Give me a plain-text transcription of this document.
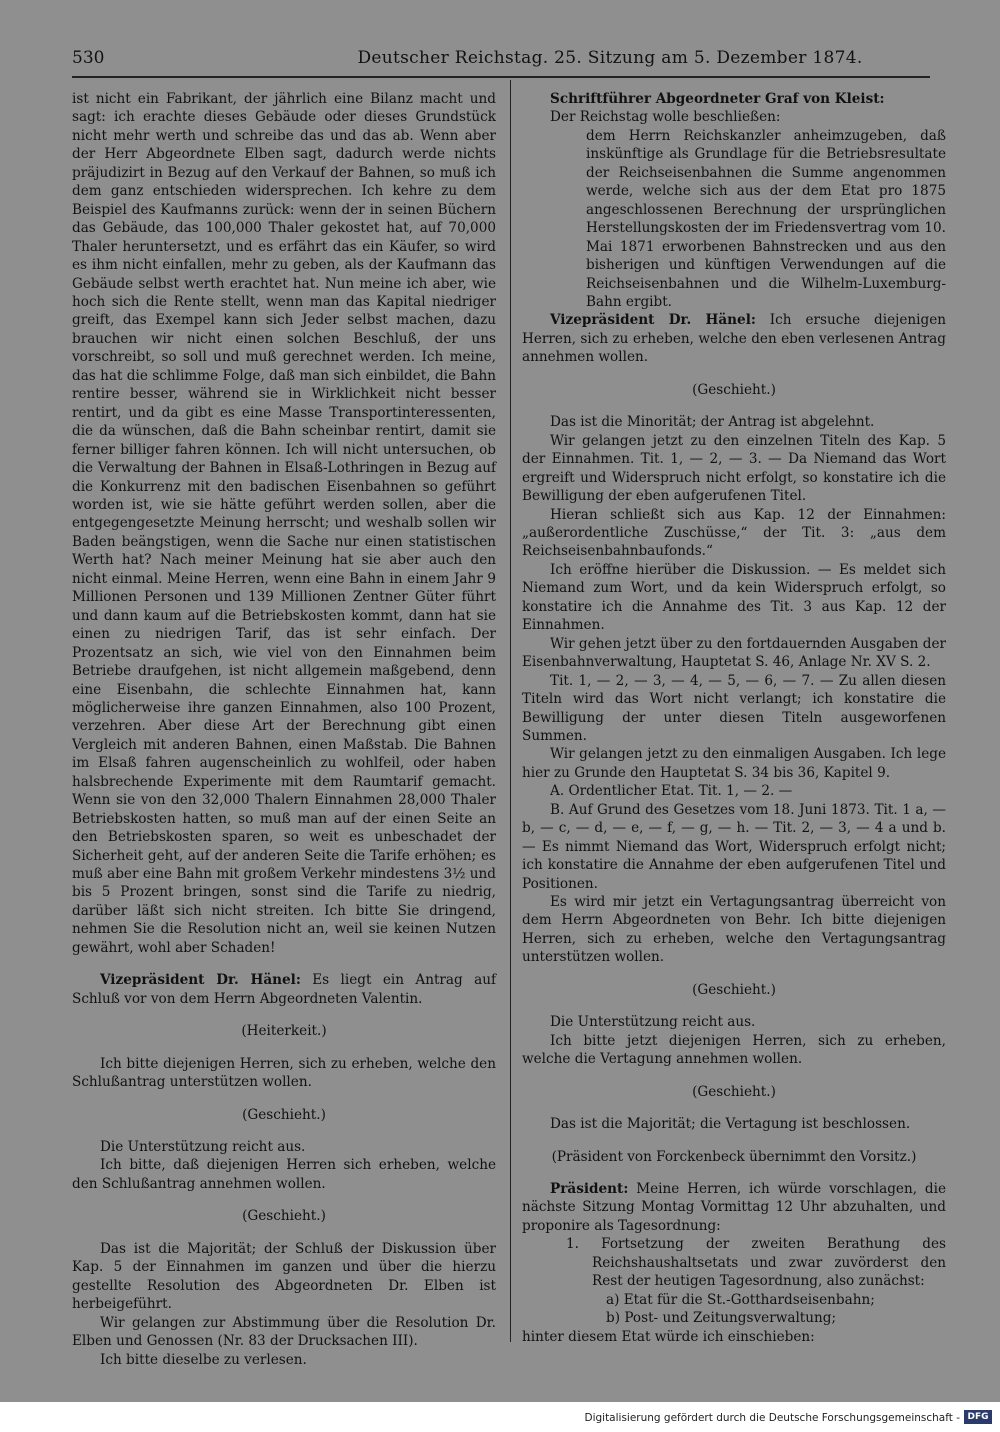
530	Deutscher Reichstag. 25. Sitzung am 5. Dezember 1874.

ist nicht ein Fabrikant, der jährlich eine Bilanz macht und sagt: ich erachte dieses Gebäude oder dieses Grundstück nicht mehr werth und schreibe das und das ab. Wenn aber der Herr Abgeordnete Elben sagt, dadurch werde nichts präjudizirt in Bezug auf den Verkauf der Bahnen, so muß ich dem ganz entschieden widersprechen. Ich kehre zu dem Beispiel des Kaufmanns zurück: wenn der in seinen Büchern das Gebäude, das 100,000 Thaler gekostet hat, auf 70,000 Thaler heruntersetzt, und es erfährt das ein Käufer, so wird es ihm nicht einfallen, mehr zu geben, als der Kaufmann das Gebäude selbst werth erachtet hat. Nun meine ich aber, wie hoch sich die Rente stellt, wenn man das Kapital niedriger greift, das Exempel kann sich Jeder selbst machen, dazu brauchen wir nicht einen solchen Beschluß, der uns vorschreibt, so soll und muß gerechnet werden. Ich meine, das hat die schlimme Folge, daß man sich einbildet, die Bahn rentire besser, während sie in Wirklichkeit nicht besser rentirt, und da gibt es eine Masse Transportinteressenten, die da wünschen, daß die Bahn scheinbar rentirt, damit sie ferner billiger fahren können. Ich will nicht untersuchen, ob die Verwaltung der Bahnen in Elsaß-Lothringen in Bezug auf die Konkurrenz mit den badischen Eisenbahnen so geführt worden ist, wie sie hätte geführt werden sollen, aber die entgegengesetzte Meinung herrscht; und weshalb sollen wir Baden beängstigen, wenn die Sache nur einen statistischen Werth hat? Nach meiner Meinung hat sie aber auch den nicht einmal. Meine Herren, wenn eine Bahn in einem Jahr 9 Millionen Personen und 139 Millionen Zentner Güter führt und dann kaum auf die Betriebskosten kommt, dann hat sie einen zu niedrigen Tarif, das ist sehr einfach. Der Prozentsatz an sich, wie viel von den Einnahmen beim Betriebe draufgehen, ist nicht allgemein maßgebend, denn eine Eisenbahn, die schlechte Einnahmen hat, kann möglicherweise ihre ganzen Einnahmen, also 100 Prozent, verzehren. Aber diese Art der Berechnung gibt einen Vergleich mit anderen Bahnen, einen Maßstab. Die Bahnen im Elsaß fahren augenscheinlich zu wohlfeil, oder haben halsbrechende Experimente mit dem Raumtarif gemacht. Wenn sie von den 32,000 Thalern Einnahmen 28,000 Thaler Betriebskosten hatten, so muß man auf der einen Seite an den Betriebskosten sparen, so weit es unbeschadet der Sicherheit geht, auf der anderen Seite die Tarife erhöhen; es muß aber eine Bahn mit großem Verkehr mindestens 3½ und bis 5 Prozent bringen, sonst sind die Tarife zu niedrig, darüber läßt sich nicht streiten. Ich bitte Sie dringend, nehmen Sie die Resolution nicht an, weil sie keinen Nutzen gewährt, wohl aber Schaden!

Vizepräsident Dr. Hänel: Es liegt ein Antrag auf Schluß vor von dem Herrn Abgeordneten Valentin.

(Heiterkeit.)

Ich bitte diejenigen Herren, sich zu erheben, welche den Schlußantrag unterstützen wollen.

(Geschieht.)

Die Unterstützung reicht aus.

Ich bitte, daß diejenigen Herren sich erheben, welche den Schlußantrag annehmen wollen.

(Geschieht.)

Das ist die Majorität; der Schluß der Diskussion über Kap. 5 der Einnahmen im ganzen und über die hierzu gestellte Resolution des Abgeordneten Dr. Elben ist herbeigeführt.

Wir gelangen zur Abstimmung über die Resolution Dr. Elben und Genossen (Nr. 83 der Drucksachen III).

Ich bitte dieselbe zu verlesen.

Schriftführer Abgeordneter Graf von Kleist:

Der Reichstag wolle beschließen:

dem Herrn Reichskanzler anheimzugeben, daß inskünftige als Grundlage für die Betriebsresultate der Reichseisenbahnen die Summe angenommen werde, welche sich aus der dem Etat pro 1875 angeschlossenen Berechnung der ursprünglichen Herstellungskosten der im Friedensvertrag vom 10. Mai 1871 erworbenen Bahnstrecken und aus den bisherigen und künftigen Verwendungen auf die Reichseisenbahnen und die Wilhelm-Luxemburg-Bahn ergibt.

Vizepräsident Dr. Hänel: Ich ersuche diejenigen Herren, sich zu erheben, welche den eben verlesenen Antrag annehmen wollen.

(Geschieht.)

Das ist die Minorität; der Antrag ist abgelehnt.

Wir gelangen jetzt zu den einzelnen Titeln des Kap. 5 der Einnahmen. Tit. 1, — 2, — 3. — Da Niemand das Wort ergreift und Widerspruch nicht erfolgt, so konstatire ich die Bewilligung der eben aufgerufenen Titel.

Hieran schließt sich aus Kap. 12 der Einnahmen: „außerordentliche Zuschüsse,“ der Tit. 3: „aus dem Reichseisenbahnbaufonds.“

Ich eröffne hierüber die Diskussion. — Es meldet sich Niemand zum Wort, und da kein Widerspruch erfolgt, so konstatire ich die Annahme des Tit. 3 aus Kap. 12 der Einnahmen.

Wir gehen jetzt über zu den fortdauernden Ausgaben der Eisenbahnverwaltung, Hauptetat S. 46, Anlage Nr. XV S. 2.

Tit. 1, — 2, — 3, — 4, — 5, — 6, — 7. — Zu allen diesen Titeln wird das Wort nicht verlangt; ich konstatire die Bewilligung der unter diesen Titeln ausgeworfenen Summen.

Wir gelangen jetzt zu den einmaligen Ausgaben. Ich lege hier zu Grunde den Hauptetat S. 34 bis 36, Kapitel 9.

A. Ordentlicher Etat. Tit. 1, — 2. —

B. Auf Grund des Gesetzes vom 18. Juni 1873. Tit. 1 a, — b, — c, — d, — e, — f, — g, — h. — Tit. 2, — 3, — 4 a und b. — Es nimmt Niemand das Wort, Widerspruch erfolgt nicht; ich konstatire die Annahme der eben aufgerufenen Titel und Positionen.

Es wird mir jetzt ein Vertagungsantrag überreicht von dem Herrn Abgeordneten von Behr. Ich bitte diejenigen Herren, sich zu erheben, welche den Vertagungsantrag unterstützen wollen.

(Geschieht.)

Die Unterstützung reicht aus.

Ich bitte jetzt diejenigen Herren, sich zu erheben, welche die Vertagung annehmen wollen.

(Geschieht.)

Das ist die Majorität; die Vertagung ist beschlossen.

(Präsident von Forckenbeck übernimmt den Vorsitz.)

Präsident: Meine Herren, ich würde vorschlagen, die nächste Sitzung Montag Vormittag 12 Uhr abzuhalten, und proponire als Tagesordnung:

1. Fortsetzung der zweiten Berathung des Reichshaushaltsetats und zwar zuvörderst den Rest der heutigen Tagesordnung, also zunächst:

a) Etat für die St.-Gotthardseisenbahn;

b) Post- und Zeitungsverwaltung;

hinter diesem Etat würde ich einschieben:

Digitalisierung gefördert durch die Deutsche Forschungsgemeinschaft - DFG
